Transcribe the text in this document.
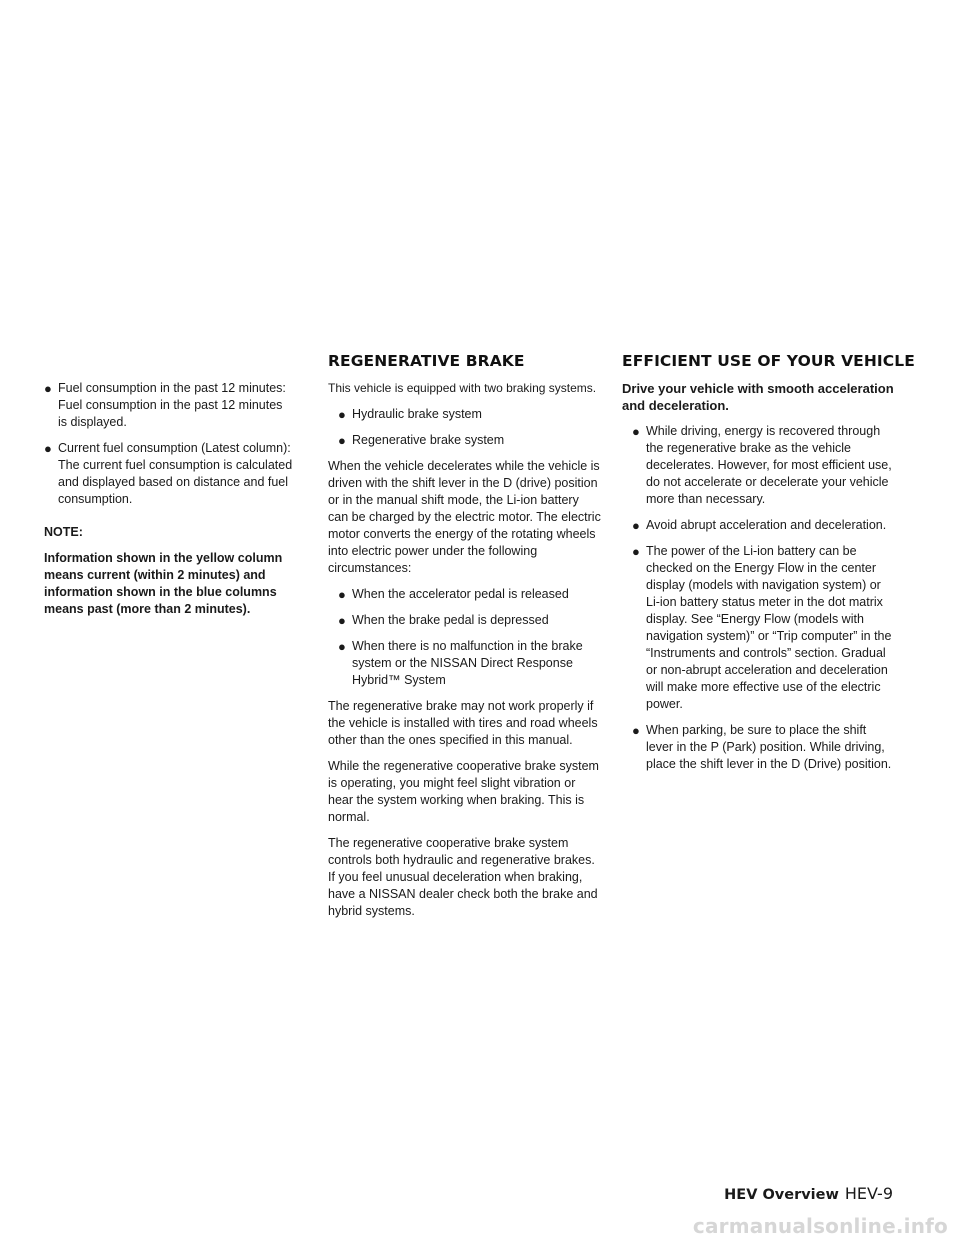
REGENERATIVE BRAKE	EFFICIENT USE OF YOUR VEHICLE
● Fuel consumption in the past 12 minutes: Fuel consumption in the past 12 minutes is displayed.
● Current fuel consumption (Latest column): The current fuel consumption is calculated and displayed based on distance and fuel consumption.

NOTE:

Information shown in the yellow column means current (within 2 minutes) and information shown in the blue columns means past (more than 2 minutes).

This vehicle is equipped with two braking systems.

● Hydraulic brake system
● Regenerative brake system

When the vehicle decelerates while the vehicle is driven with the shift lever in the D (drive) position or in the manual shift mode, the Li-ion battery can be charged by the electric motor. The electric motor converts the energy of the rotating wheels into electric power under the following circumstances:

● When the accelerator pedal is released
● When the brake pedal is depressed
● When there is no malfunction in the brake system or the NISSAN Direct Response Hybrid™ System

The regenerative brake may not work properly if the vehicle is installed with tires and road wheels other than the ones specified in this manual.

While the regenerative cooperative brake system is operating, you might feel slight vibration or hear the system working when braking. This is normal.

The regenerative cooperative brake system controls both hydraulic and regenerative brakes. If you feel unusual deceleration when braking, have a NISSAN dealer check both the brake and hybrid systems.

Drive your vehicle with smooth acceleration and deceleration.

● While driving, energy is recovered through the regenerative brake as the vehicle decelerates. However, for most efficient use, do not accelerate or decelerate your vehicle more than necessary.
● Avoid abrupt acceleration and deceleration.
● The power of the Li-ion battery can be checked on the Energy Flow in the center display (models with navigation system) or Li-ion battery status meter in the dot matrix display. See “Energy Flow (models with navigation system)” or “Trip computer” in the “Instruments and controls” section. Gradual or non-abrupt acceleration and deceleration will make more effective use of the electric power.
● When parking, be sure to place the shift lever in the P (Park) position. While driving, place the shift lever in the D (Drive) position.
HEV Overview HEV-9
carmanualsonline.info
